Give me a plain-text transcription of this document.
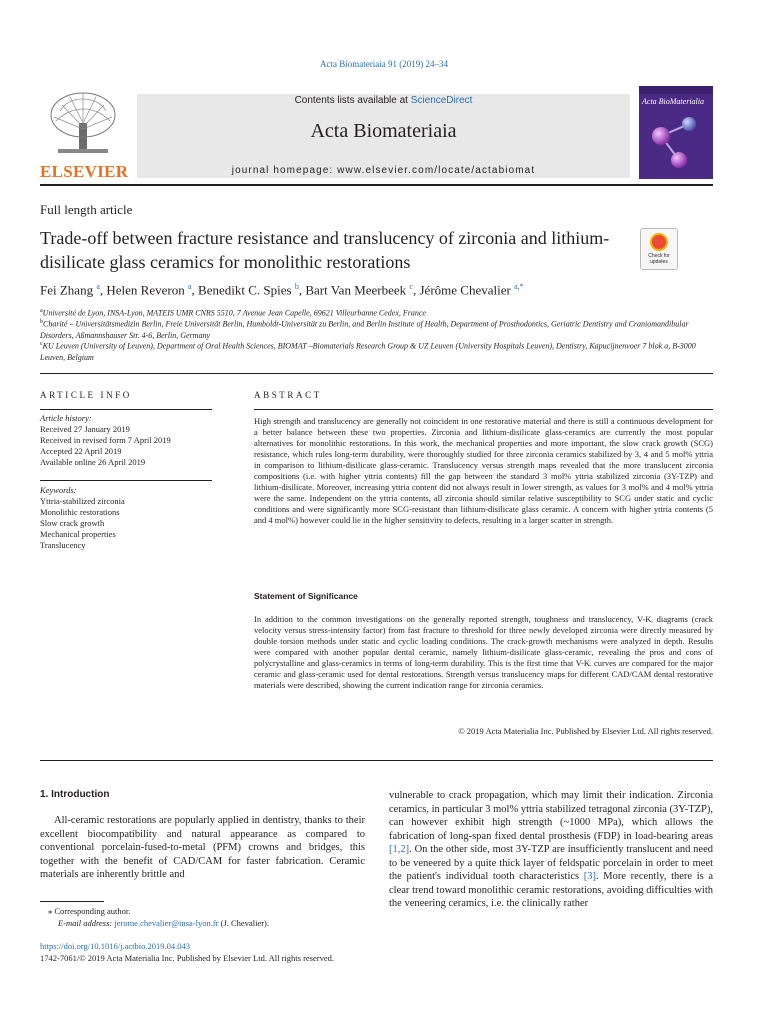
Acta Biomateriaia 91 (2019) 24–34
ELSEVIER
Contents lists available at ScienceDirect
Acta Biomateriaia
journal homepage: www.elsevier.com/locate/actabiomat
Acta BioMaterialia
Full length article
Trade-off between fracture resistance and translucency of zirconia and lithium-disilicate glass ceramics for monolithic restorations	Check for updates
Fei Zhang $^a$, Helen Reveron $^a$, Benedikt C. Spies $^b$, Bart Van Meerbeek $^c$, Jérôme Chevalier $^{a,*}$
$^a$Université de Lyon, INSA-Lyon, MATEIS UMR CNRS 5510, 7 Avenue Jean Capelle, 69621 Villeurbanne Cedex, France
$^b$Charité – Universitätsmedizin Berlin, Freie Universität Berlin, Humboldt-Universität zu Berlin, and Berlin Institute of Health, Department of Prosthodontics, Geriatric Dentistry and Craniomandibular Disorders, Aßmannshauser Str. 4-6, Berlin, Germany
$^c$KU Leuven (University of Leuven), Department of Oral Health Sciences, BIOMAT –Biomaterials Research Group & UZ Leuven (University Hospitals Leuven), Dentistry, Kapucijnenvoer 7 blok a, B-3000 Leuven, Belgium
ARTICLE INFO
Article history:
Received 27 January 2019
Received in revised form 7 April 2019
Accepted 22 April 2019
Available online 26 April 2019
Keywords:
Yttria-stabilized zirconia
Monolithic restorations
Slow crack growth
Mechanical properties
Translucency
ABSTRACT
High strength and translucency are generally not coincident in one restorative material and there is still a continuous development for a better balance between these two properties. Zirconia and lithium-disilicate glass-ceramics are currently the most popular alternatives for monolithic restorations. In this work, the mechanical properties and more important, the slow crack growth (SCG) resistance, which rules long-term durability, were thoroughly studied for three zirconia ceramics stabilized by 3, 4 and 5 mol% yttria in comparison to lithium-disilicate glass-ceramic. Translucency versus strength maps revealed that the more translucent zirconia compositions (i.e. with higher yttria contents) fill the gap between the standard 3 mol% yttria stabilized zirconia (3Y-TZP) and lithium-disilicate. Moreover, increasing yttria content did not always result in lower strength, as values for 3 mol% and 4 mol% yttria were the same. Independent on the yttria contents, all zirconia should similar relative susceptibility to SCG under static and cyclic conditions and were significantly more SCG-resistant than lithium-disilicate glass ceramic. A concern with higher yttria contents (5 and 4 mol%) however could lie in the higher sensitivity to defects, resulting in a larger scatter in strength.
Statement of Significance
In addition to the common investigations on the generally reported strength, toughness and translucency, V-Kᵢ diagrams (crack velocity versus stress-intensity factor) from fast fracture to threshold for three newly developed zirconia were directly measured by double torsion methods under static and cyclic loading conditions. The crack-growth mechanisms were analyzed in depth. Results were compared with another popular dental ceramic, namely lithium-disilicate glass-ceramic, revealing the pros and cons of polycrystalline and glass-ceramics in terms of long-term durability. This is the first time that V-Kᵢ curves are compared for the major ceramic and glass-ceramic used for dental restorations. Strength versus translucency maps for different CAD/CAM dental restorative materials were described, showing the current indication range for zirconia ceramics.
© 2019 Acta Materialia Inc. Published by Elsevier Ltd. All rights reserved.
1. Introduction
All-ceramic restorations are popularly applied in dentistry, thanks to their excellent biocompatibility and natural appearance as compared to conventional porcelain-fused-to-metal (PFM) crowns and bridges, this together with the benefit of CAD/CAM for faster fabrication. Ceramic materials are inherently brittle and
vulnerable to crack propagation, which may limit their indication. Zirconia ceramics, in particular 3 mol% yttria stabilized tetragonal zirconia (3Y-TZP), can however exhibit high strength (~1000 MPa), which allows the fabrication of long-span fixed dental prosthesis (FDP) in load-bearing areas [1,2]. On the other side, most 3Y-TZP are insufficiently translucent and need to be veneered by a quite thick layer of feldspatic porcelain in order to meet the patient's individual tooth characteristics [3]. More recently, there is a clear trend toward monolithic ceramic restorations, avoiding difficulties with the veneering ceramics, i.e. the clinically rather
⁎ Corresponding author.
E-mail address: jerome.chevalier@insa-lyon.fr (J. Chevalier).
https://doi.org/10.1016/j.actbio.2019.04.043
1742-7061/© 2019 Acta Materialia Inc. Published by Elsevier Ltd. All rights reserved.
